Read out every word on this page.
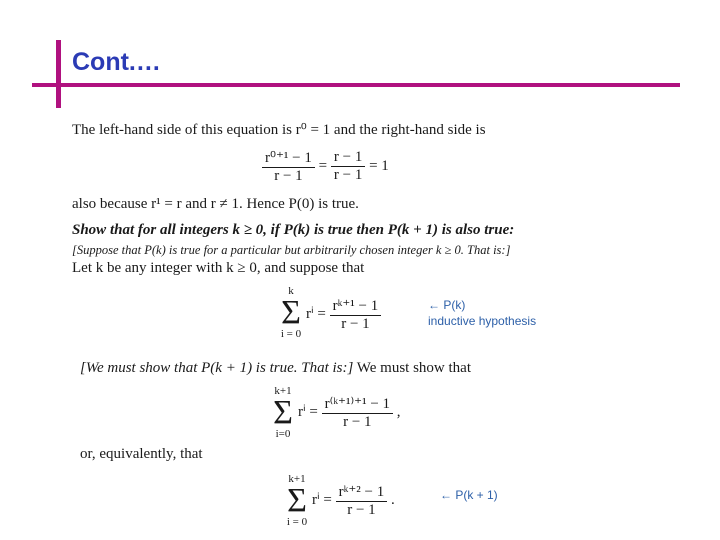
Cont.…
The left-hand side of this equation is r⁰ = 1 and the right-hand side is
$\frac{\text{r⁰⁺¹ − 1}}{r - 1} = \frac{r - 1}{r - 1} = 1$
also because r¹ = r and r ≠ 1. Hence P(0) is true.
Show that for all integers k ≥ 0, if P(k) is true then P(k + 1) is also true:
[Suppose that P(k) is true for a particular but arbitrarily chosen integer k ≥ 0. That is:]
Let k be any integer with k ≥ 0, and suppose that
k
Σ
i = 0
$r^i = \frac{\text{rᵏ⁺¹ − 1}}{r - 1}$	← P(k)
inductive hypothesis
[We must show that P(k + 1) is true. That is:] We must show that
k+1
Σ
i=0
$r^i = \frac{\text{r⁽ᵏ⁺¹⁾⁺¹ − 1}}{r - 1}$ ,
or, equivalently, that
k+1
Σ
i = 0
$r^i = \frac{\text{rᵏ⁺² − 1}}{r - 1}$ .	← P(k + 1)
